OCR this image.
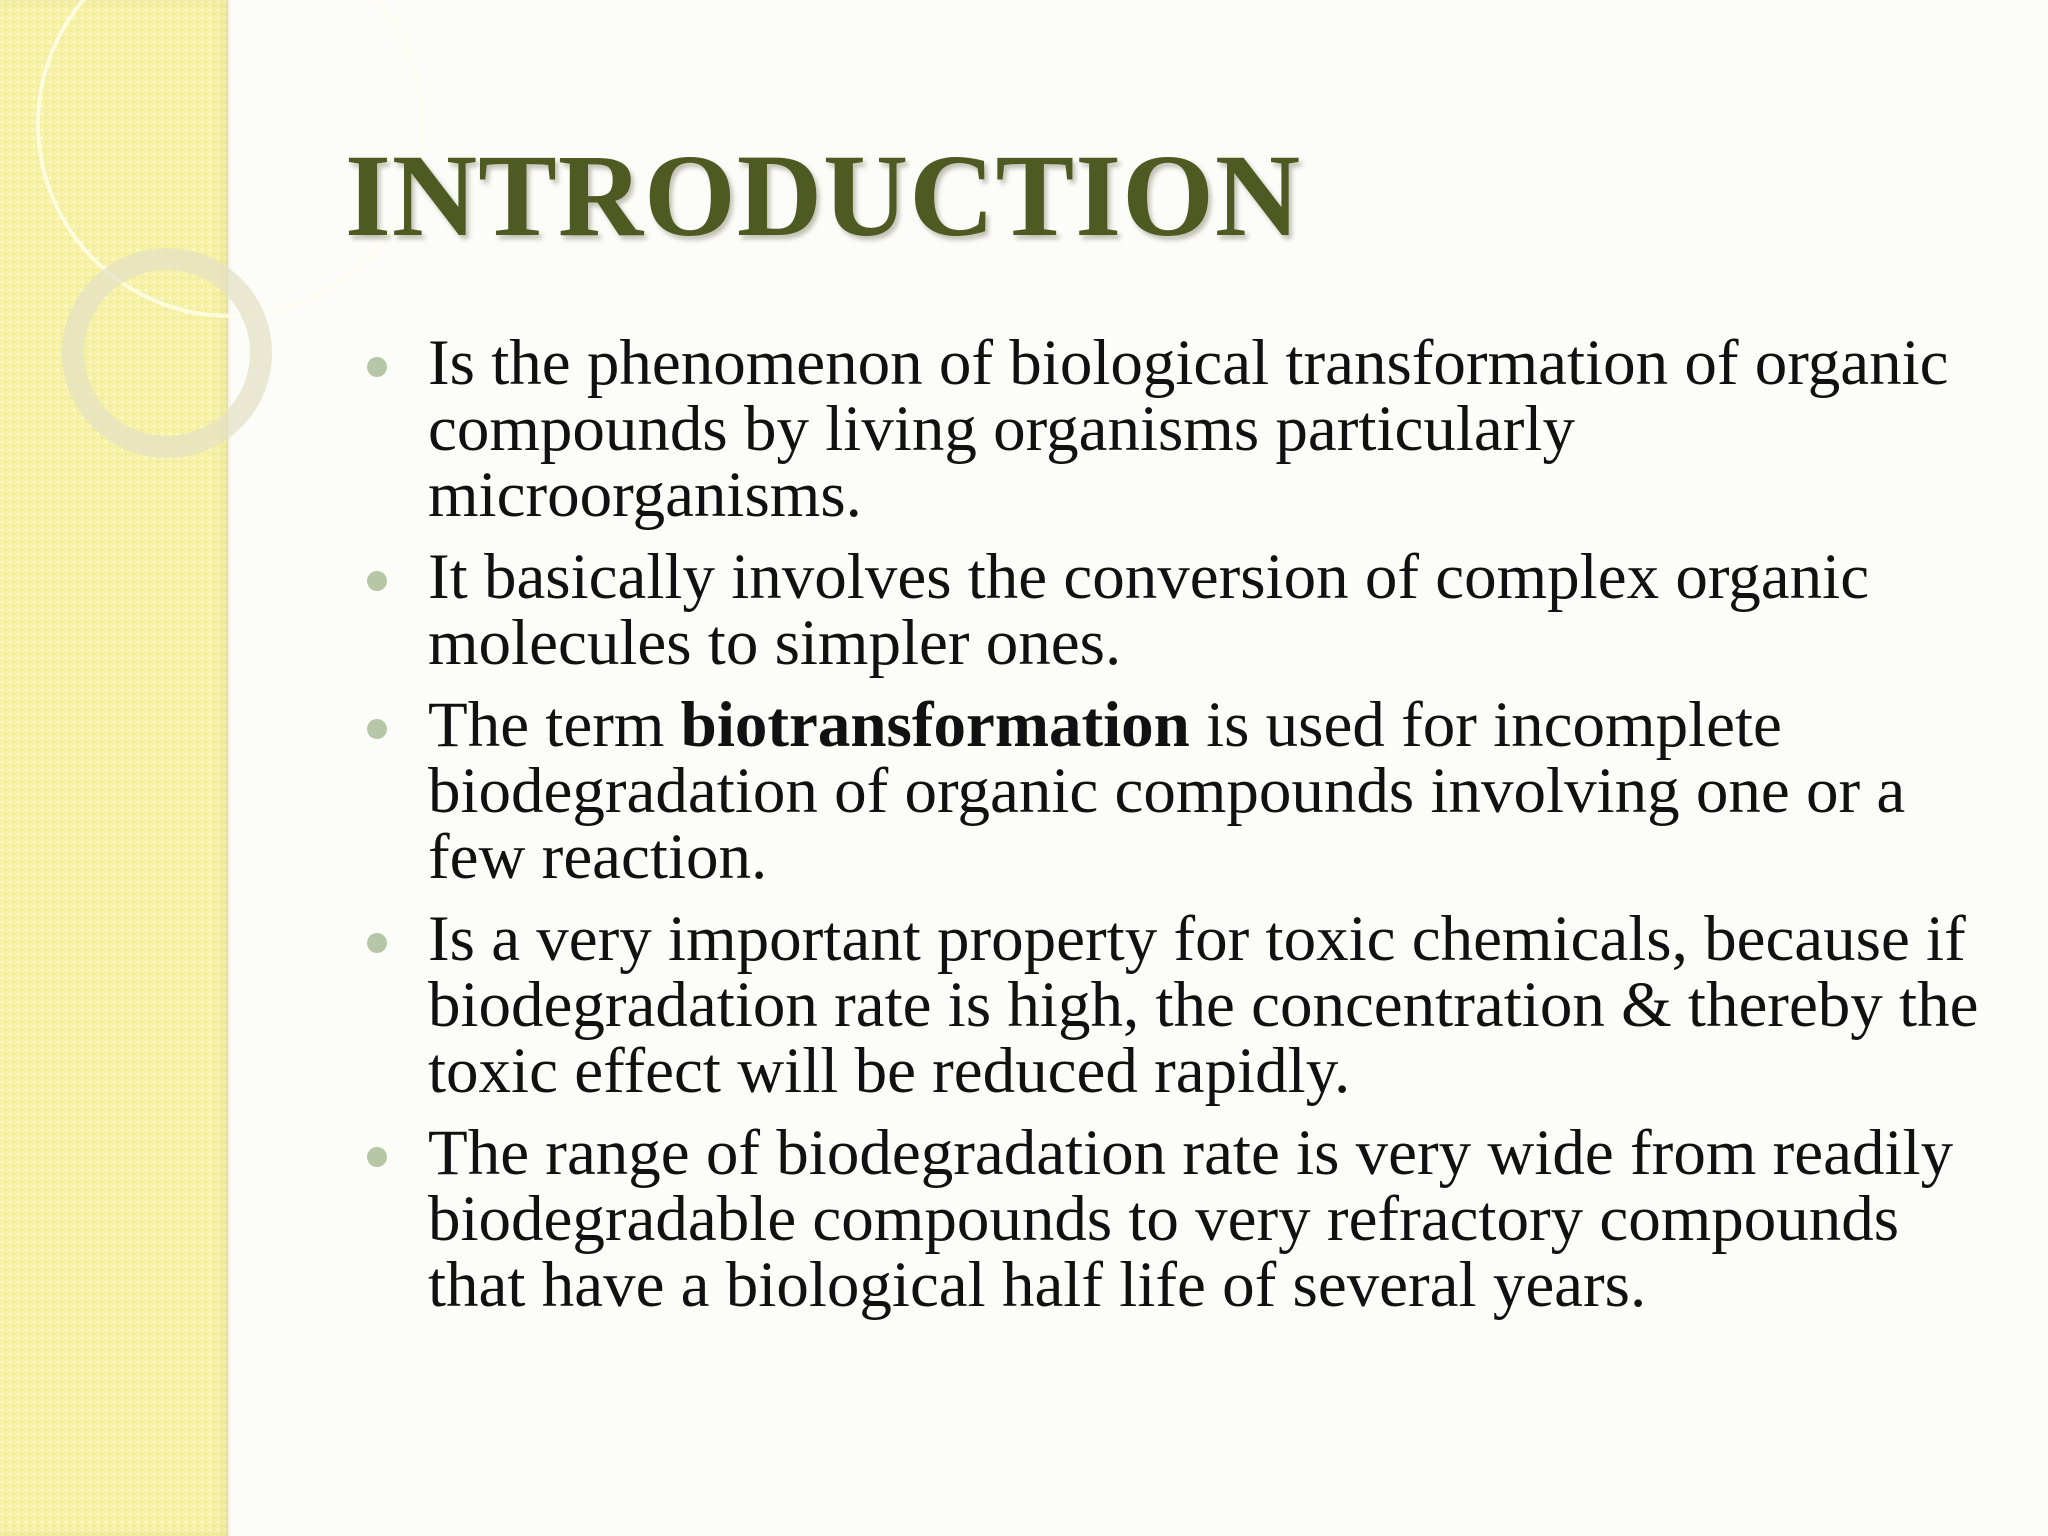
INTRODUCTION
Is the phenomenon of biological transformation of organic compounds by living organisms particularly microorganisms.
It basically involves the conversion of complex organic molecules to simpler ones.
The term biotransformation is used for incomplete biodegradation of organic compounds involving one or a few reaction.
Is a very important property for toxic chemicals, because if biodegradation rate is high, the concentration & thereby the toxic effect will be reduced rapidly.
The range of biodegradation rate is very wide from readily biodegradable compounds to very refractory compounds that have a biological half life of several years.
